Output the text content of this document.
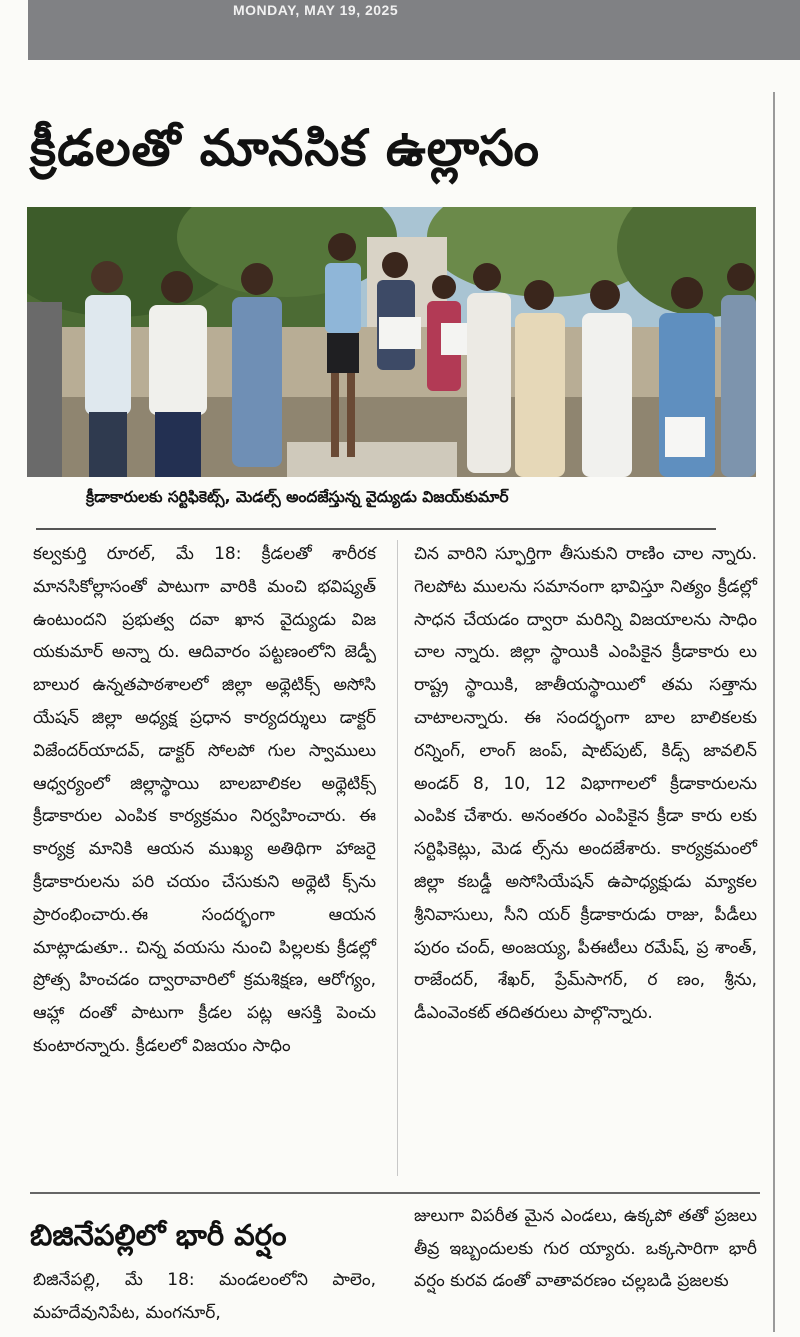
MONDAY, MAY 19, 2025
క్రీడలతో మానసిక ఉల్లాసం
క్రీడాకారులకు సర్టిఫికెట్స్, మెడల్స్ అందజేస్తున్న వైద్యుడు విజయ్‌కుమార్

కల్వకుర్తి రూరల్, మే 18: క్రీడలతో శారీరక మానసికోల్లాసంతో పాటుగా వారికి మంచి భవిష్యత్ ఉంటుందని ప్రభుత్వ దవా ఖాన వైద్యుడు విజ యకుమార్ అన్నా రు. ఆదివారం పట్టణంలోని జెడ్పీ బాలుర ఉన్నతపాఠశాలలో జిల్లా అథ్లెటిక్స్ అసోసి యేషన్ జిల్లా అధ్యక్ష ప్రధాన కార్యదర్శులు డాక్టర్ విజేందర్‌యాదవ్, డాక్టర్ సోలపో గుల స్వాములు ఆధ్వర్యంలో జిల్లాస్థాయి బాలబాలికల అథ్లెటిక్స్ క్రీడాకారుల ఎంపిక కార్యక్రమం నిర్వహించారు. ఈ కార్యక్ర మానికి ఆయన ముఖ్య అతిథిగా హాజరై క్రీడాకారులను పరి చయం చేసుకుని అథ్లెటి క్స్‌ను ప్రారంభించారు.ఈ సందర్భంగా ఆయన మాట్లాడుతూ.. చిన్న వయసు నుంచి పిల్లలకు క్రీడల్లో ప్రోత్స హించడం ద్వారావారిలో క్రమశిక్షణ, ఆరోగ్యం, ఆహ్లా దంతో పాటుగా క్రీడల పట్ల ఆసక్తి పెంచు కుంటారన్నారు. క్రీడలలో విజయం సాధిం

చిన వారిని స్ఫూర్తిగా తీసుకుని రాణిం చాల న్నారు. గెలపోట ములను సమానంగా భావిస్తూ నిత్యం క్రీడల్లో సాధన చేయడం ద్వారా మరిన్ని విజయాలను సాధిం చాల న్నారు. జిల్లా స్థాయికి ఎంపికైన క్రీడాకారు లు రాష్ట్ర స్థాయికి, జాతీయస్థాయిలో తమ సత్తాను చాటాలన్నారు. ఈ సందర్భంగా బాల బాలికలకు రన్నింగ్, లాంగ్ జంప్, షాట్‌పుట్, కిడ్స్ జావలిన్ అండర్ 8, 10, 12 విభాగాలలో క్రీడాకారులను ఎంపిక చేశారు. అనంతరం ఎంపికైన క్రీడా కారు లకు సర్టిఫికెట్లు, మెడ ల్స్‌ను అందజేశారు. కార్యక్రమంలో జిల్లా కబడ్డీ అసోసియేషన్ ఉపాధ్యక్షుడు మ్యాకల శ్రీనివాసులు, సీని యర్ క్రీడాకారుడు రాజు, పీడీలు పురం చంద్, అంజయ్య, పీఈటీలు రమేష్, ప్ర శాంత్, రాజేందర్, శేఖర్, ప్రేమ్‌సాగర్, ర ణం, శ్రీను, డీఎంవెంకట్ తదితరులు పాల్గొన్నారు.

బిజినేపల్లిలో భారీ వర్షం

బిజినేపల్లి, మే 18: మండలంలోని పాలెం, మహదేవునిపేట, మంగనూర్,

జులుగా విపరీత మైన ఎండలు, ఉక్కపో తతో ప్రజలు తీవ్ర ఇబ్బందులకు గుర య్యారు. ఒక్కసారిగా భారీ వర్షం కురవ డంతో వాతావరణం చల్లబడి ప్రజలకు
